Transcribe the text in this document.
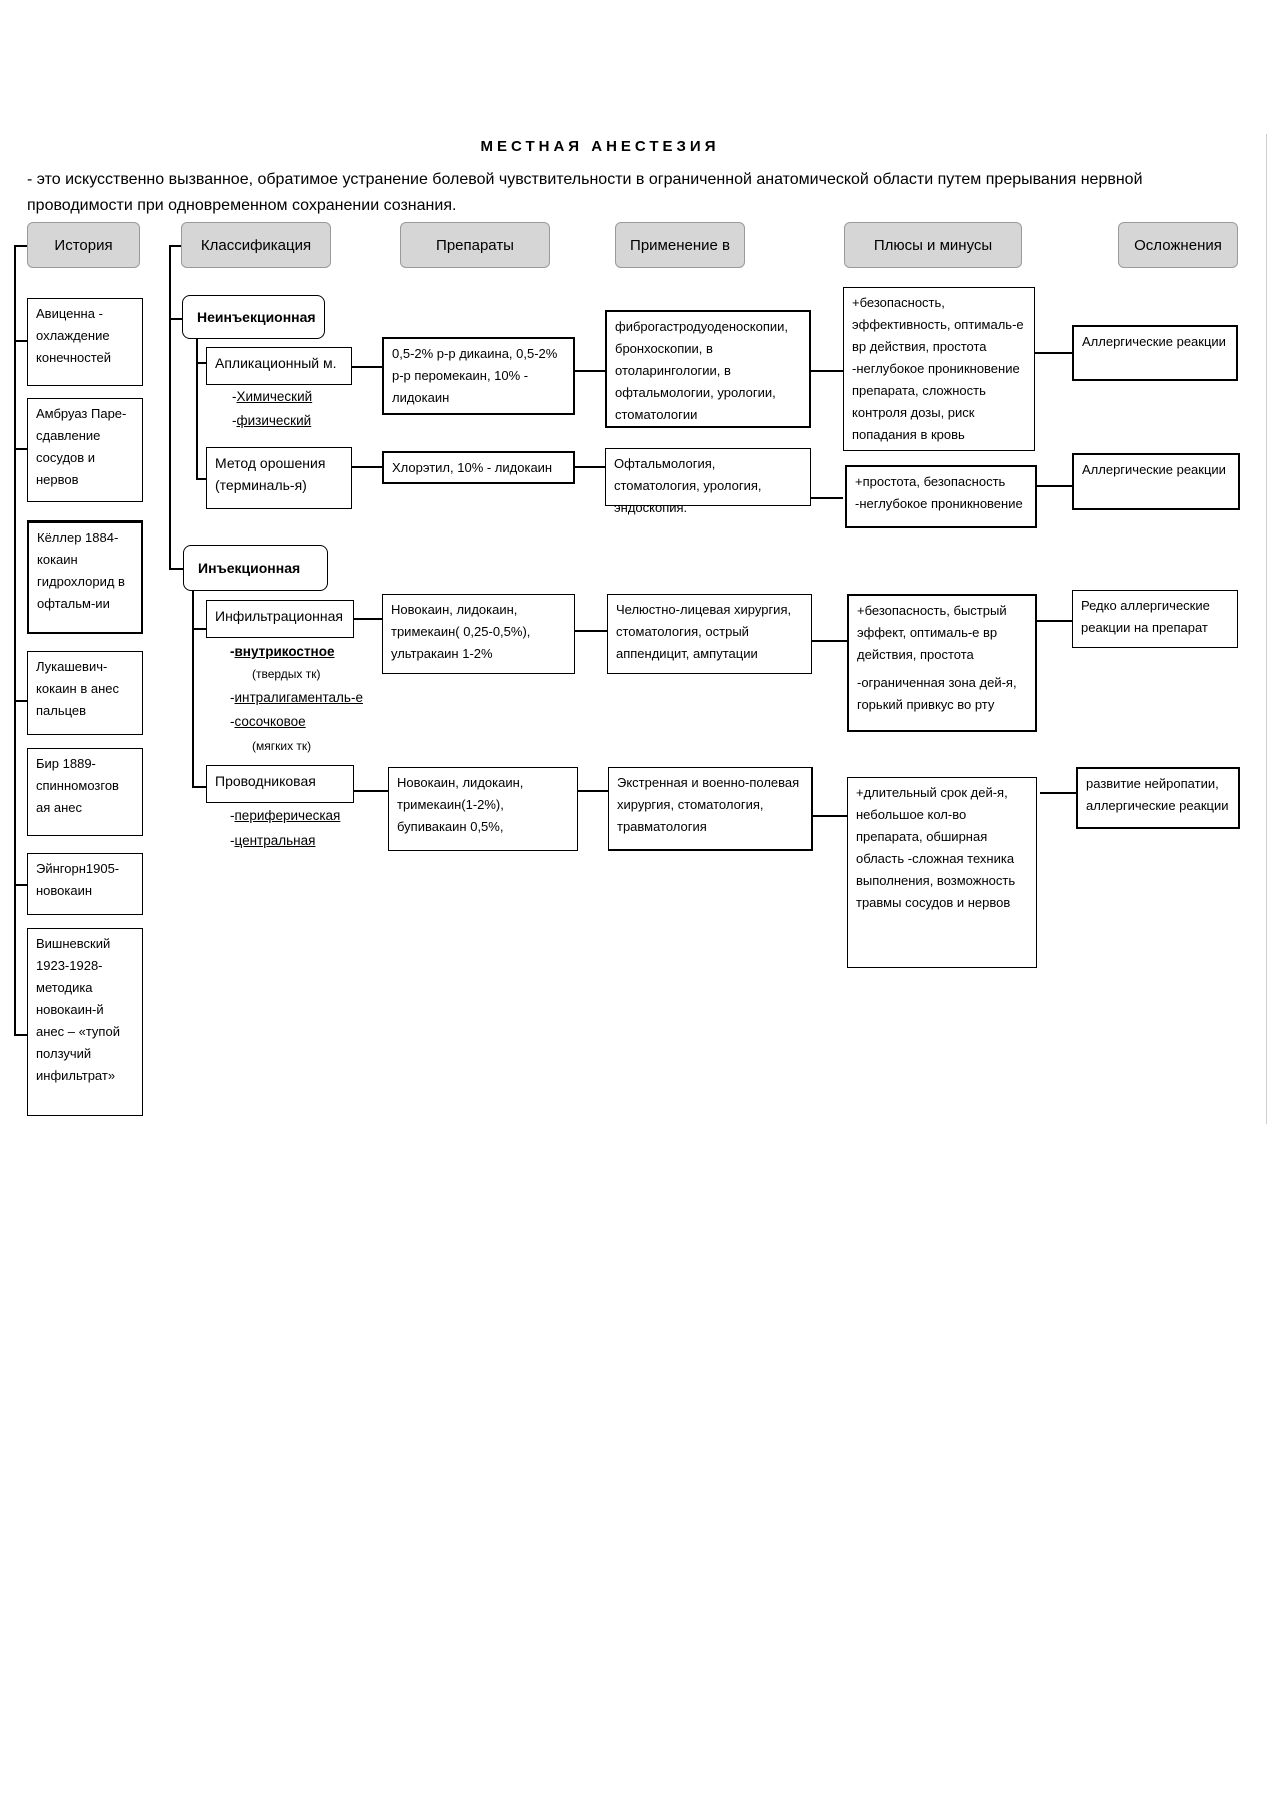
МЕСТНАЯ АНЕСТЕЗИЯ
- это искусственно вызванное, обратимое устранение болевой чувствительности в ограниченной анатомической области путем прерывания нервной проводимости при одновременном сохранении сознания.
История	Классификация	Препараты	Применение в	Плюсы и минусы	Осложнения
Авиценна - охлаждение конечностей
Амбруаз Паре- сдавление сосудов и нервов
Кёллер 1884- кокаин гидрохлорид в офтальм-ии
Лукашевич- кокаин в анес пальцев
Бир 1889- спинномозгов ая анес
Эйнгорн1905- новокаин
Вишневский 1923-1928- методика новокаин-й анес – «тупой ползучий инфильтрат»
Неинъекционная
Апликационный м.
-Химический
-физический
0,5-2% р-р дикаина, 0,5-2% р-р перомекаин, 10% - лидокаин
фиброгастродуоденоскопии, бронхоскопии, в отоларингологии, в офтальмологии, урологии, стоматологии
+безопасность, эффективность, оптималь-е вр действия, простота -неглубокое проникновение препарата, сложность контроля дозы, риск попадания в кровь
Аллергические реакции
Метод орошения (терминаль-я)
Хлорэтил, 10% - лидокаин	Офтальмология, стоматология, урология, эндоскопия.
+простота, безопасность -неглубокое проникновение
Аллергические реакции
Инъекционная
Инфильтрационная
-внутрикостное
(твердых тк)
-интралигаменталь-е
-сосочковое
(мягких тк)
Новокаин, лидокаин, тримекаин( 0,25-0,5%), ультракаин 1-2%
Челюстно-лицевая хирургия, стоматология, острый аппендицит, ампутации
+безопасность, быстрый эффект, оптималь-е вр действия, простота
-ограниченная зона дей-я, горький привкус во рту
Редко аллергические реакции на препарат
Проводниковая
-периферическая
-центральная
Новокаин, лидокаин, тримекаин(1-2%), бупивакаин 0,5%,
Экстренная и военно-полевая хирургия, стоматология, травматология
+длительный срок дей-я, небольшое кол-во препарата, обширная область -сложная техника выполнения, возможность травмы сосудов и нервов
развитие нейропатии, аллергические реакции
